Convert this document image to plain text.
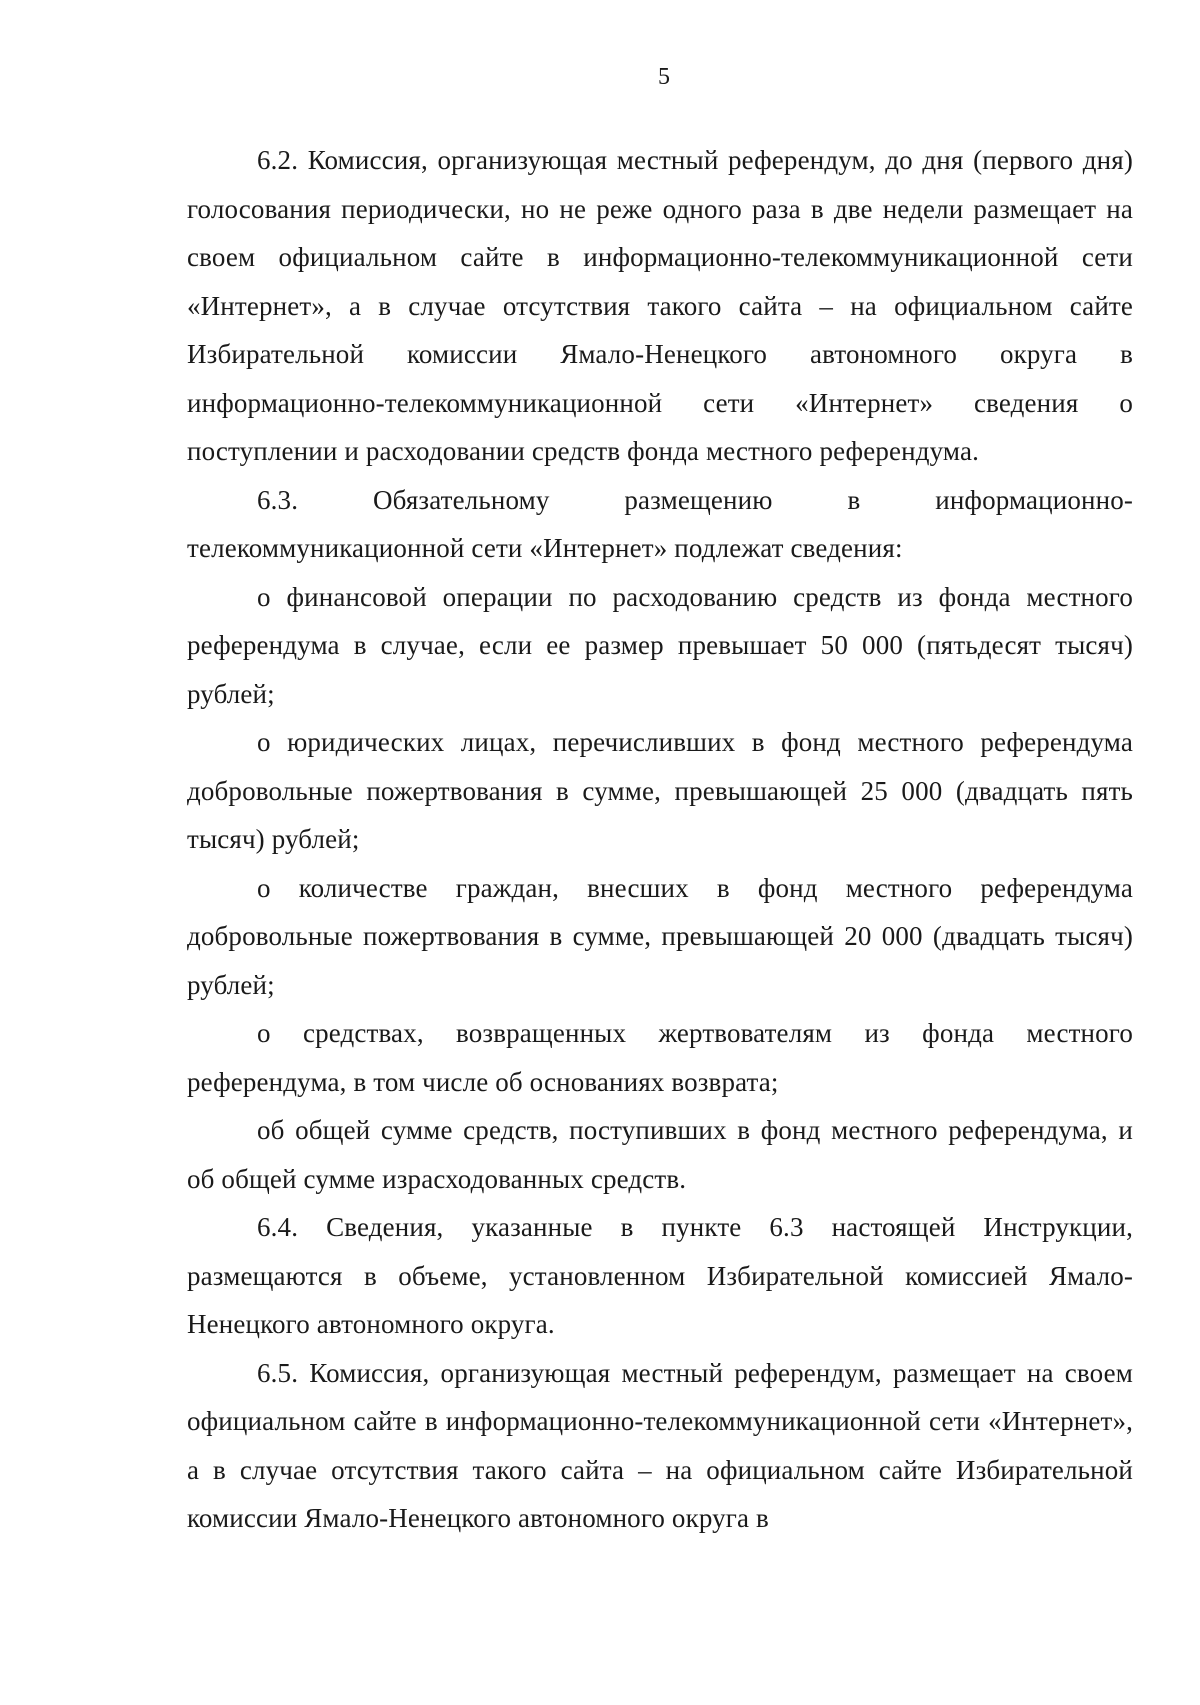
5

6.2. Комиссия, организующая местный референдум, до дня (первого дня) голосования периодически, но не реже одного раза в две недели размещает на своем официальном сайте в информационно-телекоммуникационной сети «Интернет», а в случае отсутствия такого сайта – на официальном сайте Избирательной комиссии Ямало-Ненецкого автономного округа в информационно-телекоммуникационной сети «Интернет» сведения о поступлении и расходовании средств фонда местного референдума.

6.3. Обязательному размещению в информационно-телекоммуникационной сети «Интернет» подлежат сведения:

о финансовой операции по расходованию средств из фонда местного референдума в случае, если ее размер превышает 50 000 (пятьдесят тысяч) рублей;

о юридических лицах, перечисливших в фонд местного референдума добровольные пожертвования в сумме, превышающей 25 000 (двадцать пять тысяч) рублей;

о количестве граждан, внесших в фонд местного референдума добровольные пожертвования в сумме, превышающей 20 000 (двадцать тысяч) рублей;

о средствах, возвращенных жертвователям из фонда местного референдума, в том числе об основаниях возврата;

об общей сумме средств, поступивших в фонд местного референдума, и об общей сумме израсходованных средств.

6.4. Сведения, указанные в пункте 6.3 настоящей Инструкции, размещаются в объеме, установленном Избирательной комиссией Ямало-Ненецкого автономного округа.

6.5. Комиссия, организующая местный референдум, размещает на своем официальном сайте в информационно-телекоммуникационной сети «Интернет», а в случае отсутствия такого сайта – на официальном сайте Избирательной комиссии Ямало-Ненецкого автономного округа в
